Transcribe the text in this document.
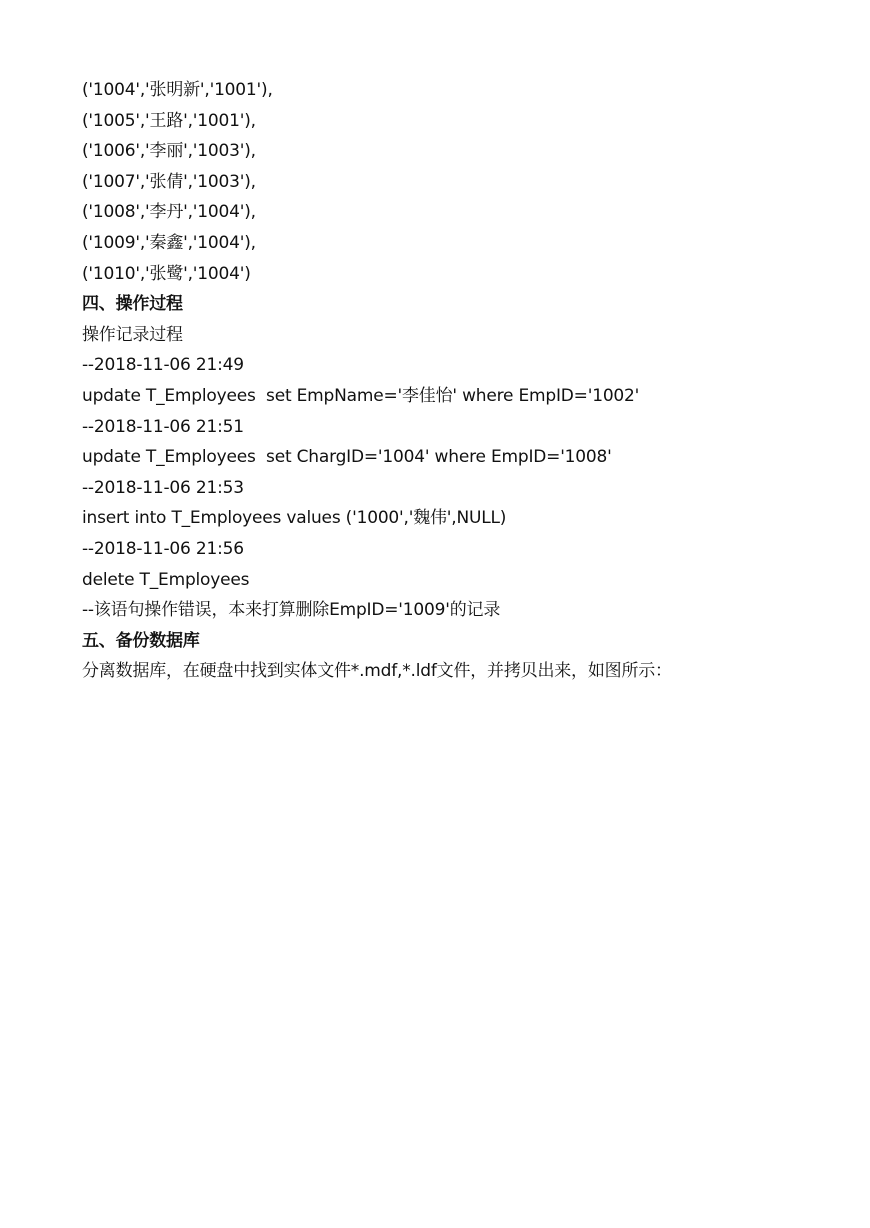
('1004','张明新','1001'),
('1005','王路','1001'),
('1006','李丽','1003'),
('1007','张倩','1003'),
('1008','李丹','1004'),
('1009','秦鑫','1004'),
('1010','张鹭','1004')
四、操作过程
操作记录过程
--2018-11-06 21:49
update T_Employees  set EmpName='李佳怡' where EmpID='1002'
--2018-11-06 21:51
update T_Employees  set ChargID='1004' where EmpID='1008'
--2018-11-06 21:53
insert into T_Employees values ('1000','魏伟',NULL)
--2018-11-06 21:56
delete T_Employees
--该语句操作错误，本来打算删除EmpID='1009'的记录
五、备份数据库
分离数据库，在硬盘中找到实体文件*.mdf,*.ldf文件，并拷贝出来，如图所示：
